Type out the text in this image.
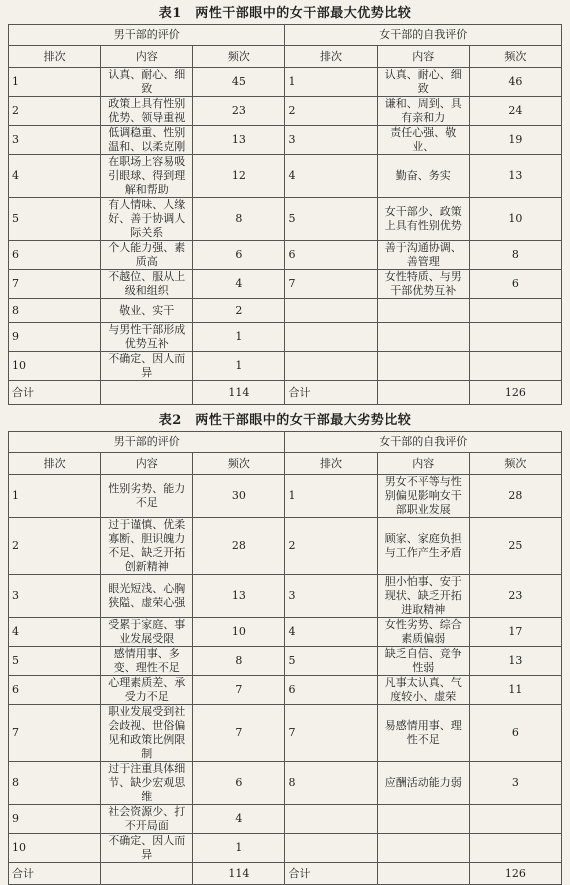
表1　两性干部眼中的女干部最大优势比较
男干部的评价			女干部的自我评价		
排次	内容	频次	排次	内容	频次
1	认真、耐心、细致	45	1	认真、耐心、细致	46
2	政策上具有性别优势、领导重视	23	2	谦和、周到、具有亲和力	24
3	低调稳重、性别温和、以柔克刚	13	3	责任心强、敬业、	19
4	在职场上容易吸引眼球、得到理解和帮助	12	4	勤奋、务实	13
5	有人情味、人缘好、善于协调人际关系	8	5	女干部少、政策上具有性别优势	10
6	个人能力强、素质高	6	6	善于沟通协调、善管理	8
7	不越位、服从上级和组织	4	7	女性特质、与男干部优势互补	6
8	敬业、实干	2			
9	与男性干部形成优势互补	1			
10	不确定、因人而异	1			
合计		114	合计		126
表2　两性干部眼中的女干部最大劣势比较
男干部的评价			女干部的自我评价		
排次	内容	频次	排次	内容	频次
1	性别劣势、能力不足	30	1	男女不平等与性别偏见影响女干部职业发展	28
2	过于谨慎、优柔寡断、胆识魄力不足、缺乏开拓创新精神	28	2	顾家、家庭负担与工作产生矛盾	25
3	眼光短浅、心胸狭隘、虚荣心强	13	3	胆小怕事、安于现状、缺乏开拓进取精神	23
4	受累于家庭、事业发展受限	10	4	女性劣势、综合素质偏弱	17
5	感情用事、多变、理性不足	8	5	缺乏自信、竞争性弱	13
6	心理素质差、承受力不足	7	6	凡事太认真、气度较小、虚荣	11
7	职业发展受到社会歧视、世俗偏见和政策比例限制	7	7	易感情用事、理性不足	6
8	过于注重具体细节、缺少宏观思维	6	8	应酬活动能力弱	3
9	社会资源少、打不开局面	4			
10	不确定、因人而异	1			
合计		114	合计		126
